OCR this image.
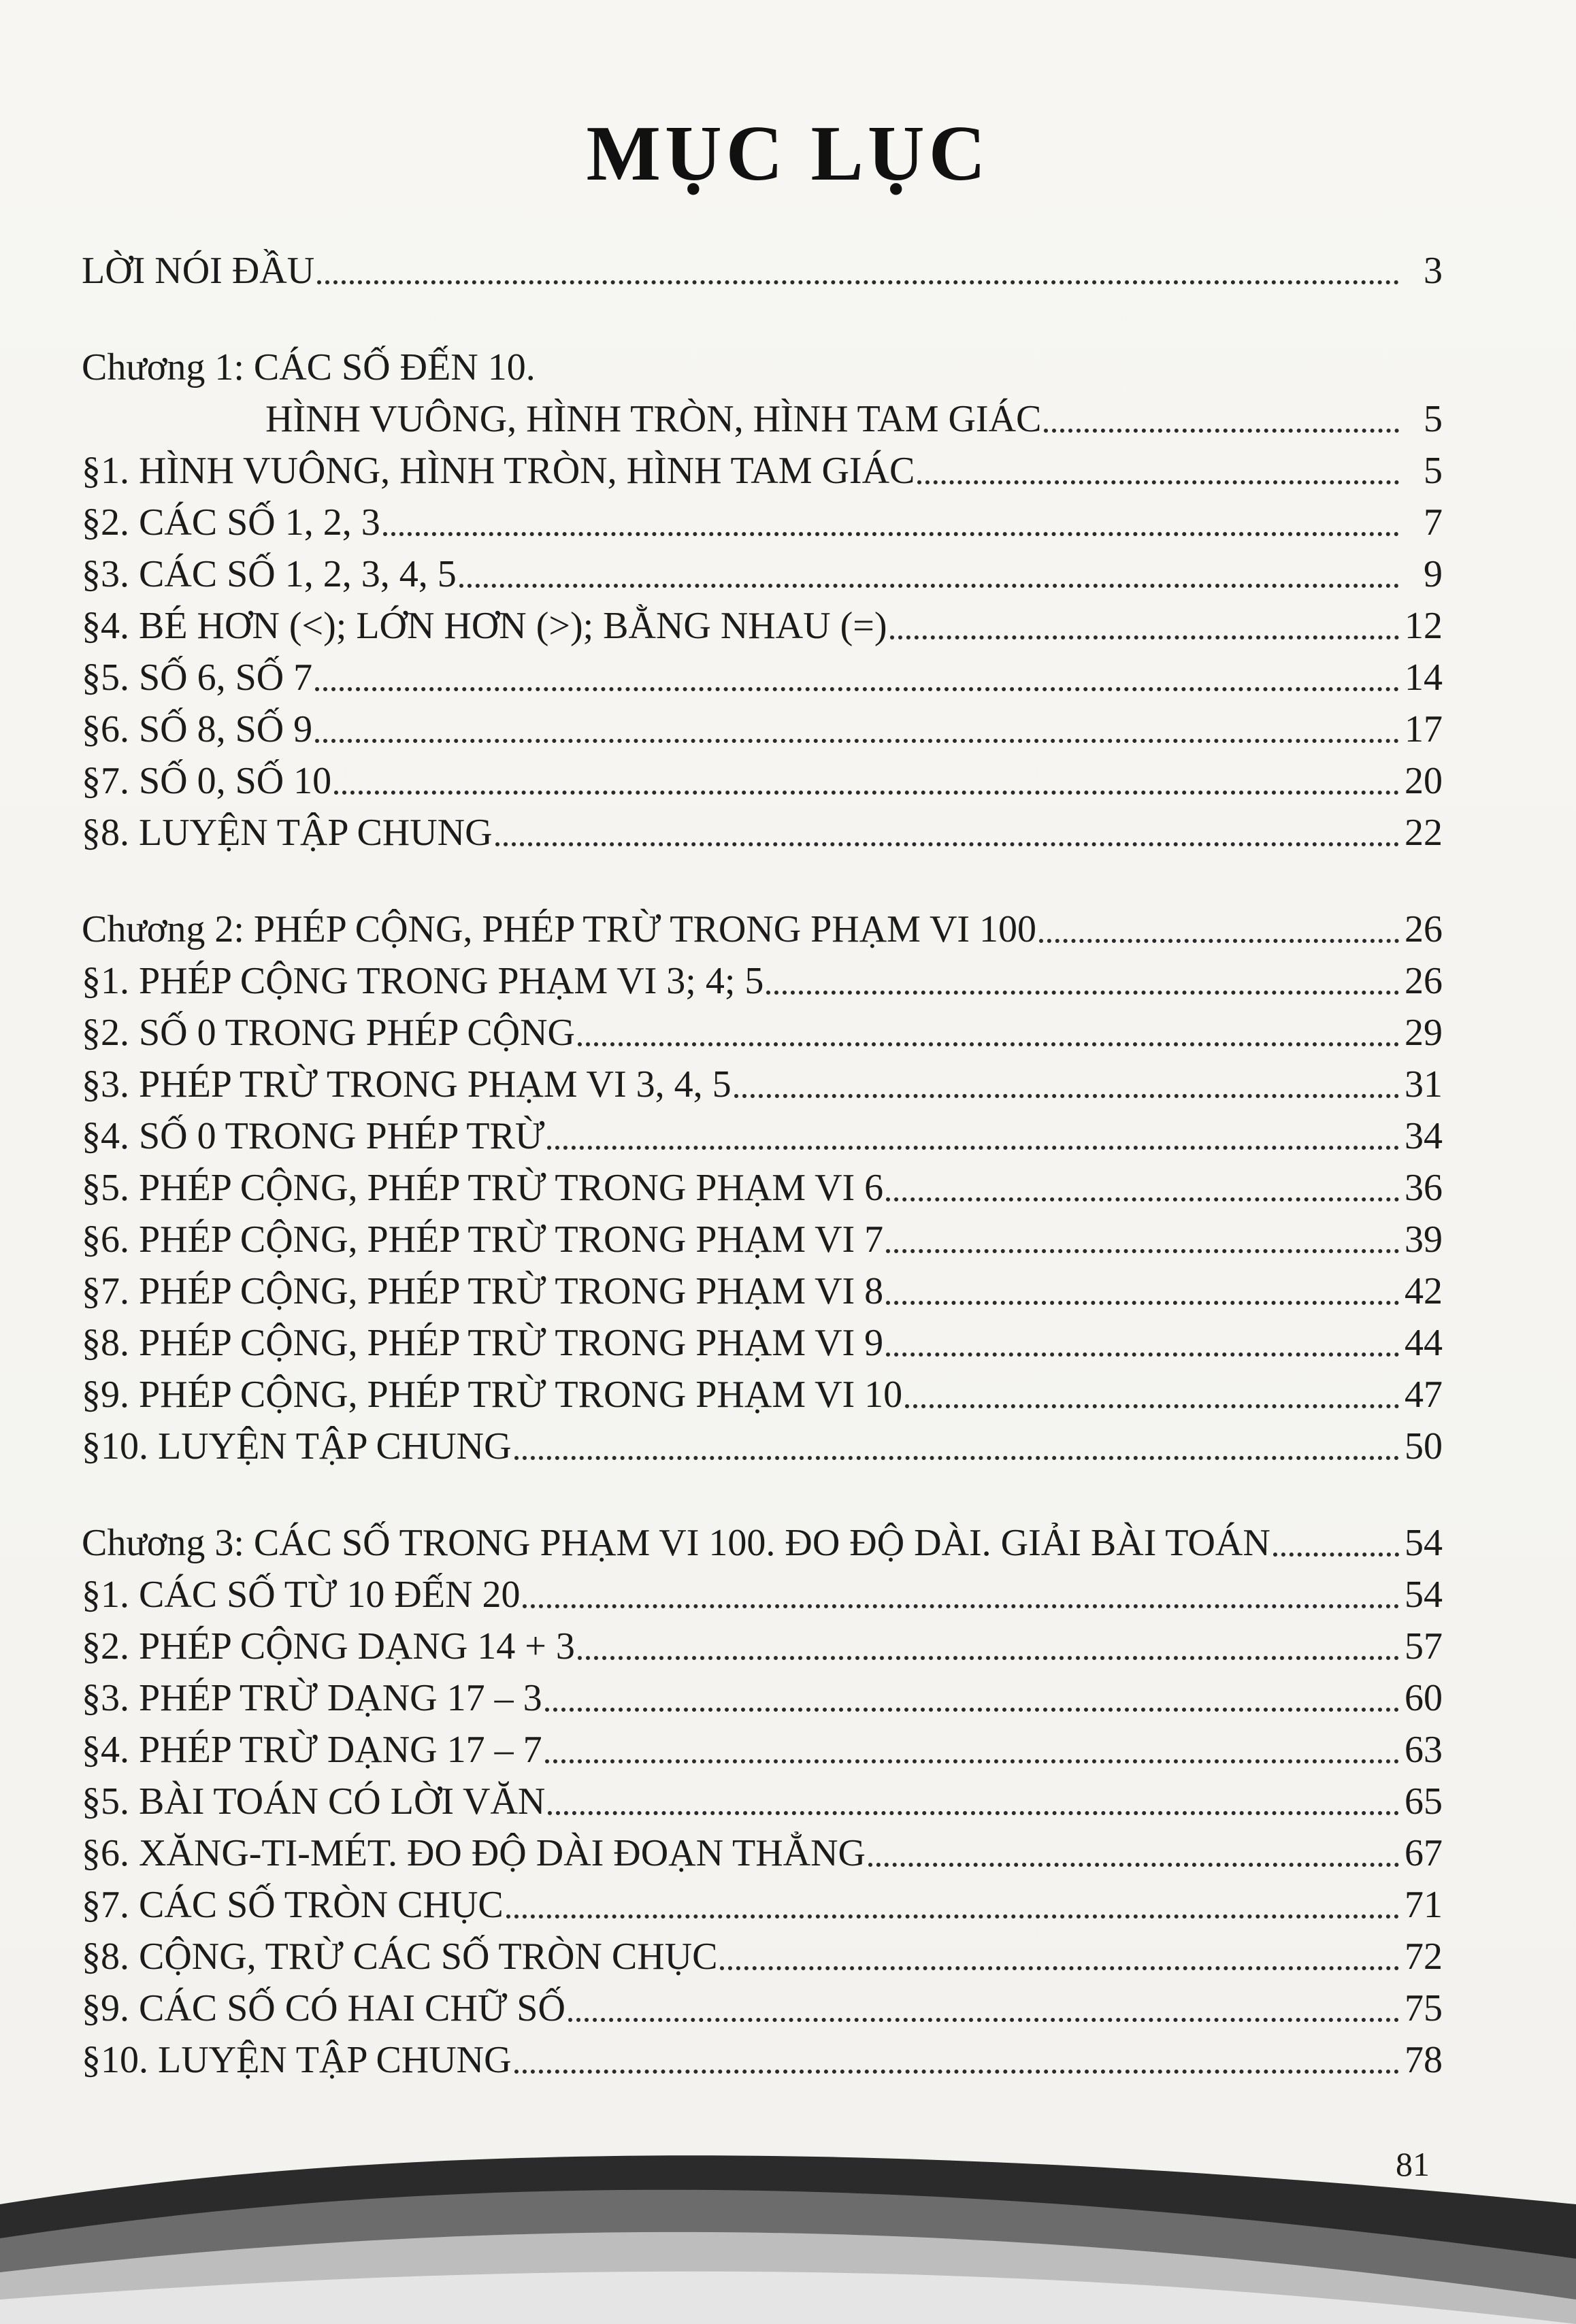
MỤC LỤC
LỜI NÓI ĐẦU	3
Chương 1: CÁC SỐ ĐẾN 10.
HÌNH VUÔNG, HÌNH TRÒN, HÌNH TAM GIÁC	5
§1. HÌNH VUÔNG, HÌNH TRÒN, HÌNH TAM GIÁC	5
§2. CÁC SỐ 1, 2, 3	7
§3. CÁC SỐ 1, 2, 3, 4, 5	9
§4. BÉ HƠN (<); LỚN HƠN (>); BẰNG NHAU (=)	12
§5. SỐ 6, SỐ 7	14
§6. SỐ 8, SỐ 9	17
§7. SỐ 0, SỐ 10	20
§8. LUYỆN TẬP CHUNG	22
Chương 2: PHÉP CỘNG, PHÉP TRỪ TRONG PHẠM VI 100	26
§1. PHÉP CỘNG TRONG PHẠM VI 3; 4; 5	26
§2. SỐ 0 TRONG PHÉP CỘNG	29
§3. PHÉP TRỪ TRONG PHẠM VI 3, 4, 5	31
§4. SỐ 0 TRONG PHÉP TRỪ	34
§5. PHÉP CỘNG, PHÉP TRỪ TRONG PHẠM VI 6	36
§6. PHÉP CỘNG, PHÉP TRỪ TRONG PHẠM VI 7	39
§7. PHÉP CỘNG, PHÉP TRỪ TRONG PHẠM VI 8	42
§8. PHÉP CỘNG, PHÉP TRỪ TRONG PHẠM VI 9	44
§9. PHÉP CỘNG, PHÉP TRỪ TRONG PHẠM VI 10	47
§10. LUYỆN TẬP CHUNG	50
Chương 3: CÁC SỐ TRONG PHẠM VI 100. ĐO ĐỘ DÀI. GIẢI BÀI TOÁN	54
§1. CÁC SỐ TỪ 10 ĐẾN 20	54
§2. PHÉP CỘNG DẠNG 14 + 3	57
§3. PHÉP TRỪ DẠNG 17 – 3	60
§4. PHÉP TRỪ DẠNG 17 – 7	63
§5. BÀI TOÁN CÓ LỜI VĂN	65
§6. XĂNG-TI-MÉT. ĐO ĐỘ DÀI ĐOẠN THẲNG	67
§7. CÁC SỐ TRÒN CHỤC	71
§8. CỘNG, TRỪ CÁC SỐ TRÒN CHỤC	72
§9. CÁC SỐ CÓ HAI CHỮ SỐ	75
§10. LUYỆN TẬP CHUNG	78
81
